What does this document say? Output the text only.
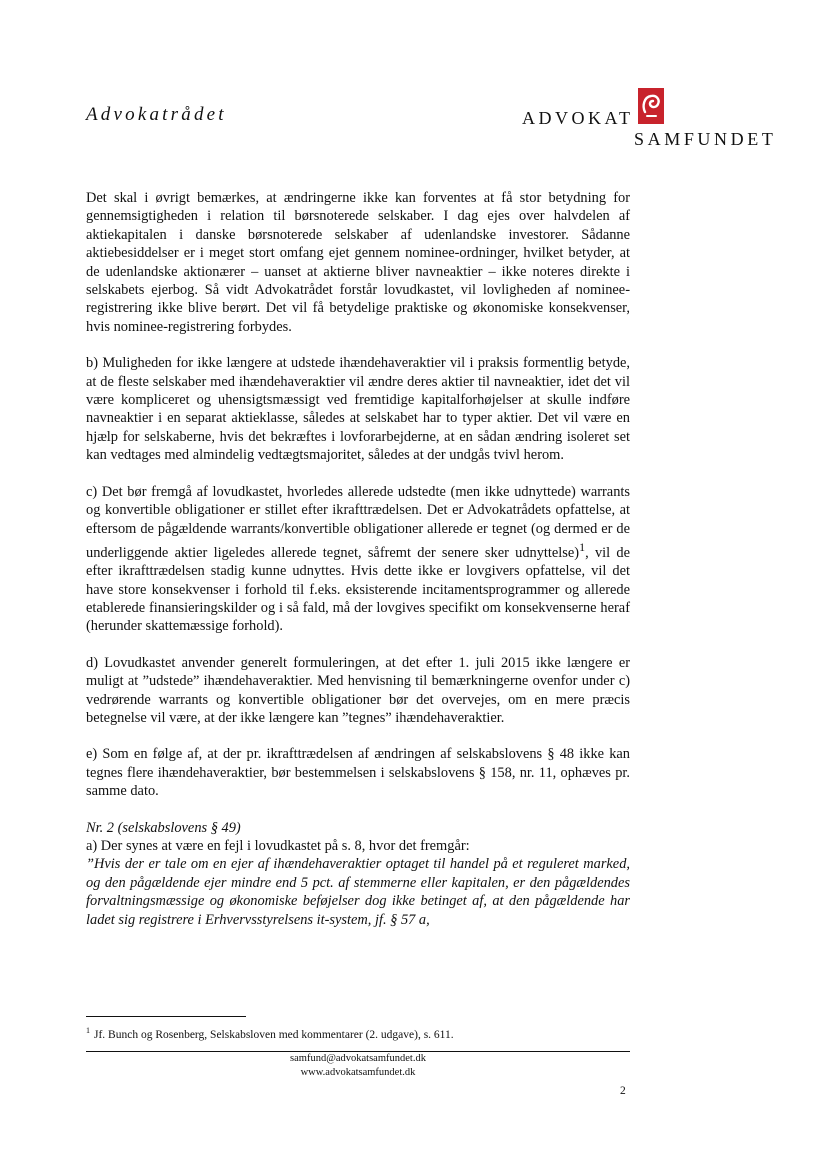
Advokatrådet	ADVOKAT
SAMFUNDET

Det skal i øvrigt bemærkes, at ændringerne ikke kan forventes at få stor betydning for gennemsigtigheden i relation til børsnoterede selskaber. I dag ejes over halvdelen af aktiekapitalen i danske børsnoterede selskaber af udenlandske investorer. Sådanne aktiebesiddelser er i meget stort omfang ejet gennem nominee-ordninger, hvilket betyder, at de udenlandske aktionærer – uanset at aktierne bliver navneaktier – ikke noteres direkte i selskabets ejerbog. Så vidt Advokatrådet forstår lovudkastet, vil lovligheden af nominee-registrering ikke blive berørt. Det vil få betydelige praktiske og økonomiske konsekvenser, hvis nominee-registrering forbydes.

b) Muligheden for ikke længere at udstede ihændehaveraktier vil i praksis formentlig betyde, at de fleste selskaber med ihændehaveraktier vil ændre deres aktier til navneaktier, idet det vil være kompliceret og uhensigtsmæssigt ved fremtidige kapitalforhøjelser at skulle indføre navneaktier i en separat aktieklasse, således at selskabet har to typer aktier. Det vil være en hjælp for selskaberne, hvis det bekræftes i lovforarbejderne, at en sådan ændring isoleret set kan vedtages med almindelig vedtægtsmajoritet, således at der undgås tvivl herom.

c) Det bør fremgå af lovudkastet, hvorledes allerede udstedte (men ikke udnyttede) warrants og konvertible obligationer er stillet efter ikrafttrædelsen. Det er Advokatrådets opfattelse, at eftersom de pågældende warrants/konvertible obligationer allerede er tegnet (og dermed er de underliggende aktier ligeledes allerede tegnet, såfremt der senere sker udnyttelse)$^1$, vil de efter ikrafttrædelsen stadig kunne udnyttes. Hvis dette ikke er lovgivers opfattelse, vil det have store konsekvenser i forhold til f.eks. eksisterende incitamentsprogrammer og allerede etablerede finansieringskilder og i så fald, må der lovgives specifikt om konsekvenserne heraf (herunder skattemæssige forhold).

d) Lovudkastet anvender generelt formuleringen, at det efter 1. juli 2015 ikke længere er muligt at ”udstede” ihændehaveraktier. Med henvisning til bemærkningerne ovenfor under c) vedrørende warrants og konvertible obligationer bør det overvejes, om en mere præcis betegnelse vil være, at der ikke længere kan ”tegnes” ihændehaveraktier.

e) Som en følge af, at der pr. ikrafttrædelsen af ændringen af selskabslovens § 48 ikke kan tegnes flere ihændehaveraktier, bør bestemmelsen i selskabslovens § 158, nr. 11, ophæves pr. samme dato.

Nr. 2 (selskabslovens § 49)

a) Der synes at være en fejl i lovudkastet på s. 8, hvor det fremgår:

”Hvis der er tale om en ejer af ihændehaveraktier optaget til handel på et reguleret marked, og den pågældende ejer mindre end 5 pct. af stemmerne eller kapitalen, er den pågældendes forvaltningsmæssige og økonomiske beføjelser dog ikke betinget af, at den pågældende har ladet sig registrere i Erhvervsstyrelsens it-system, jf. § 57 a,

$^1$ Jf. Bunch og Rosenberg, Selskabsloven med kommentarer (2. udgave), s. 611.
samfund@advokatsamfundet.dk
www.advokatsamfundet.dk
2
